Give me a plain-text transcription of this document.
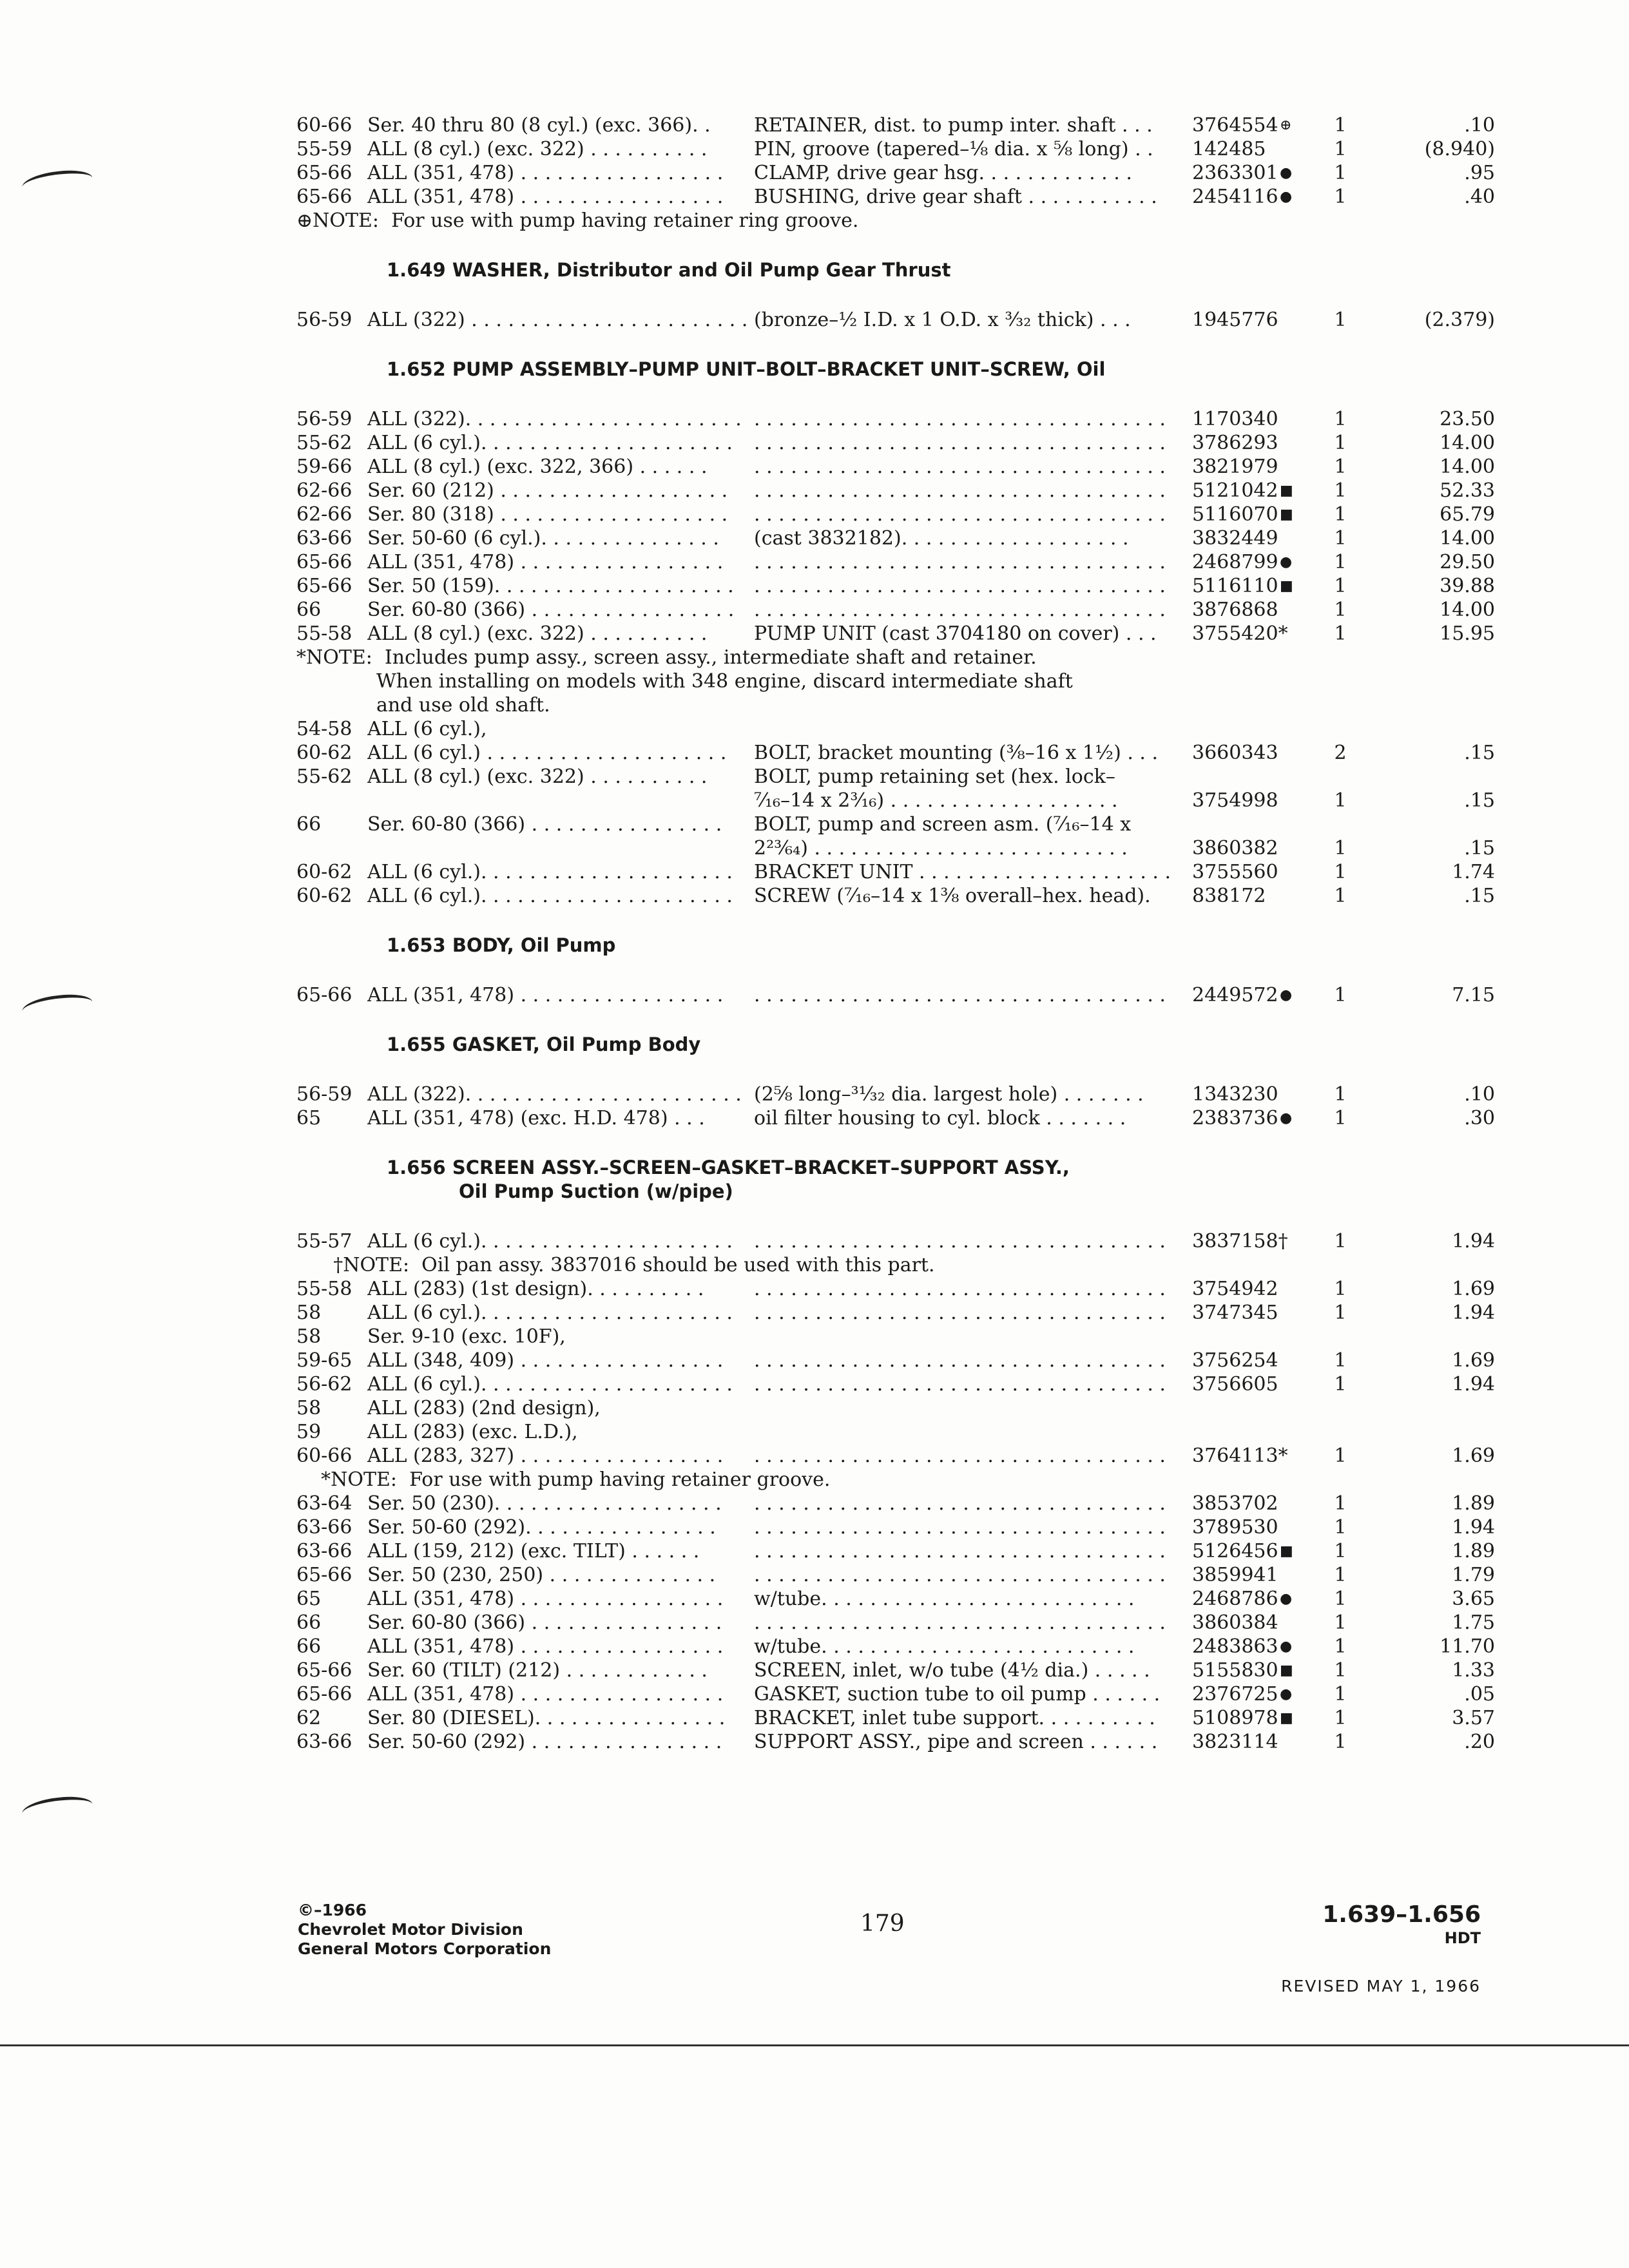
60-66 Ser. 40 thru 80 (8 cyl.) (exc. 366). .	RETAINER, dist. to pump inter. shaft . . .	3764554 ⊕	1	.10
55-59 ALL (8 cyl.) (exc. 322) . . . . . . . . . .	PIN, groove (tapered–⅛ dia. x ⅝ long) . .	142485	1	(8.940)
65-66 ALL (351, 478) . . . . . . . . . . . . . . . . .	CLAMP, drive gear hsg. . . . . . . . . . . . .	2363301 ●	1	.95
65-66 ALL (351, 478) . . . . . . . . . . . . . . . . .	BUSHING, drive gear shaft . . . . . . . . . . .	2454116 ●	1	.40
⊕NOTE:  For use with pump having retainer ring groove.
1.649 WASHER, Distributor and Oil Pump Gear Thrust
56-59 ALL (322) . . . . . . . . . . . . . . . . . . . . . . . (bronze–½ I.D. x 1 O.D. x ³⁄₃₂ thick) . . .	1945776	1	(2.379)
1.652 PUMP ASSEMBLY–PUMP UNIT–BOLT–BRACKET UNIT–SCREW, Oil
56-59 ALL (322). . . . . . . . . . . . . . . . . . . . . . . . . . . . . . . . . . . . . . . . . . . . . . . . . . . . . . . . .	1170340	1	23.50
55-62 ALL (6 cyl.). . . . . . . . . . . . . . . . . . . . .	. . . . . . . . . . . . . . . . . . . . . . . . . . . . . . . . . .	3786293	1	14.00
59-66 ALL (8 cyl.) (exc. 322, 366) . . . . . .	. . . . . . . . . . . . . . . . . . . . . . . . . . . . . . . . . .	3821979	1	14.00
62-66 Ser. 60 (212) . . . . . . . . . . . . . . . . . . .	. . . . . . . . . . . . . . . . . . . . . . . . . . . . . . . . . .	5121042 ■	1	52.33
62-66 Ser. 80 (318) . . . . . . . . . . . . . . . . . . .	. . . . . . . . . . . . . . . . . . . . . . . . . . . . . . . . . .	5116070 ■	1	65.79
63-66 Ser. 50-60 (6 cyl.). . . . . . . . . . . . . . .	(cast 3832182). . . . . . . . . . . . . . . . . . .	3832449	1	14.00
65-66 ALL (351, 478) . . . . . . . . . . . . . . . . .	. . . . . . . . . . . . . . . . . . . . . . . . . . . . . . . . . .	2468799 ●	1	29.50
65-66 Ser. 50 (159). . . . . . . . . . . . . . . . . . . .	. . . . . . . . . . . . . . . . . . . . . . . . . . . . . . . . . .	5116110 ■	1	39.88
66 Ser. 60-80 (366) . . . . . . . . . . . . . . . . .	. . . . . . . . . . . . . . . . . . . . . . . . . . . . . . . . . .	3876868	1	14.00
55-58 ALL (8 cyl.) (exc. 322) . . . . . . . . . .	PUMP UNIT (cast 3704180 on cover) . . .	3755420*	1	15.95
*NOTE:  Includes pump assy., screen assy., intermediate shaft and retainer.
When installing on models with 348 engine, discard intermediate shaft
and use old shaft.
54-58 ALL (6 cyl.),
60-62 ALL (6 cyl.) . . . . . . . . . . . . . . . . . . . .	BOLT, bracket mounting (⅜–16 x 1½) . . .	3660343	2	.15
55-62 ALL (8 cyl.) (exc. 322) . . . . . . . . . .	BOLT, pump retaining set (hex. lock–
⁷⁄₁₆–14 x 2³⁄₁₆) . . . . . . . . . . . . . . . . . . .	3754998	1	.15
66 Ser. 60-80 (366) . . . . . . . . . . . . . . . .	BOLT, pump and screen asm. (⁷⁄₁₆–14 x
2²³⁄₆₄) . . . . . . . . . . . . . . . . . . . . . . . . . .	3860382	1	.15
60-62 ALL (6 cyl.). . . . . . . . . . . . . . . . . . . . .	BRACKET UNIT . . . . . . . . . . . . . . . . . . . . .	3755560	1	1.74
60-62 ALL (6 cyl.). . . . . . . . . . . . . . . . . . . . .	SCREW (⁷⁄₁₆–14 x 1⅜ overall–hex. head).	838172	1	.15
1.653 BODY, Oil Pump
65-66 ALL (351, 478) . . . . . . . . . . . . . . . . .	. . . . . . . . . . . . . . . . . . . . . . . . . . . . . . . . . .	2449572 ●	1	7.15
1.655 GASKET, Oil Pump Body
56-59 ALL (322). . . . . . . . . . . . . . . . . . . . . . . (2⅝ long–³¹⁄₃₂ dia. largest hole) . . . . . . .	1343230	1	.10
65 ALL (351, 478) (exc. H.D. 478) . . .	oil filter housing to cyl. block . . . . . . .	2383736 ●	1	.30
1.656 SCREEN ASSY.–SCREEN–GASKET–BRACKET–SUPPORT ASSY.,
Oil Pump Suction (w/pipe)
55-57 ALL (6 cyl.). . . . . . . . . . . . . . . . . . . . .	. . . . . . . . . . . . . . . . . . . . . . . . . . . . . . . . . .	3837158†	1	1.94
†NOTE:  Oil pan assy. 3837016 should be used with this part.
55-58 ALL (283) (1st design). . . . . . . . . .	. . . . . . . . . . . . . . . . . . . . . . . . . . . . . . . . . .	3754942	1	1.69
58 ALL (6 cyl.). . . . . . . . . . . . . . . . . . . . .	. . . . . . . . . . . . . . . . . . . . . . . . . . . . . . . . . .	3747345	1	1.94
58 Ser. 9-10 (exc. 10F),
59-65 ALL (348, 409) . . . . . . . . . . . . . . . . .	. . . . . . . . . . . . . . . . . . . . . . . . . . . . . . . . . .	3756254	1	1.69
56-62 ALL (6 cyl.). . . . . . . . . . . . . . . . . . . . .	. . . . . . . . . . . . . . . . . . . . . . . . . . . . . . . . . .	3756605	1	1.94
58 ALL (283) (2nd design),
59 ALL (283) (exc. L.D.),
60-66 ALL (283, 327) . . . . . . . . . . . . . . . . .	. . . . . . . . . . . . . . . . . . . . . . . . . . . . . . . . . .	3764113*	1	1.69
*NOTE:  For use with pump having retainer groove.
63-64 Ser. 50 (230). . . . . . . . . . . . . . . . . . .	. . . . . . . . . . . . . . . . . . . . . . . . . . . . . . . . . .	3853702	1	1.89
63-66 Ser. 50-60 (292). . . . . . . . . . . . . . . .	. . . . . . . . . . . . . . . . . . . . . . . . . . . . . . . . . .	3789530	1	1.94
63-66 ALL (159, 212) (exc. TILT) . . . . . .	. . . . . . . . . . . . . . . . . . . . . . . . . . . . . . . . . .	5126456 ■	1	1.89
65-66 Ser. 50 (230, 250) . . . . . . . . . . . . . .	. . . . . . . . . . . . . . . . . . . . . . . . . . . . . . . . . .	3859941	1	1.79
65 ALL (351, 478) . . . . . . . . . . . . . . . . .	w/tube. . . . . . . . . . . . . . . . . . . . . . . . . .	2468786 ●	1	3.65
66 Ser. 60-80 (366) . . . . . . . . . . . . . . . .	. . . . . . . . . . . . . . . . . . . . . . . . . . . . . . . . . .	3860384	1	1.75
66 ALL (351, 478) . . . . . . . . . . . . . . . . .	w/tube. . . . . . . . . . . . . . . . . . . . . . . . . .	2483863 ●	1	11.70
65-66 Ser. 60 (TILT) (212) . . . . . . . . . . . .	SCREEN, inlet, w/o tube (4½ dia.) . . . . .	5155830 ■	1	1.33
65-66 ALL (351, 478) . . . . . . . . . . . . . . . . .	GASKET, suction tube to oil pump . . . . . .	2376725 ●	1	.05
62 Ser. 80 (DIESEL). . . . . . . . . . . . . . . .	BRACKET, inlet tube support. . . . . . . . . .	5108978 ■	1	3.57
63-66 Ser. 50-60 (292) . . . . . . . . . . . . . . . .	SUPPORT ASSY., pipe and screen . . . . . .	3823114	1	.20
©–1966
Chevrolet Motor Division
General Motors Corporation
179	1.639–1.656
HDT
REVISED MAY 1, 1966
